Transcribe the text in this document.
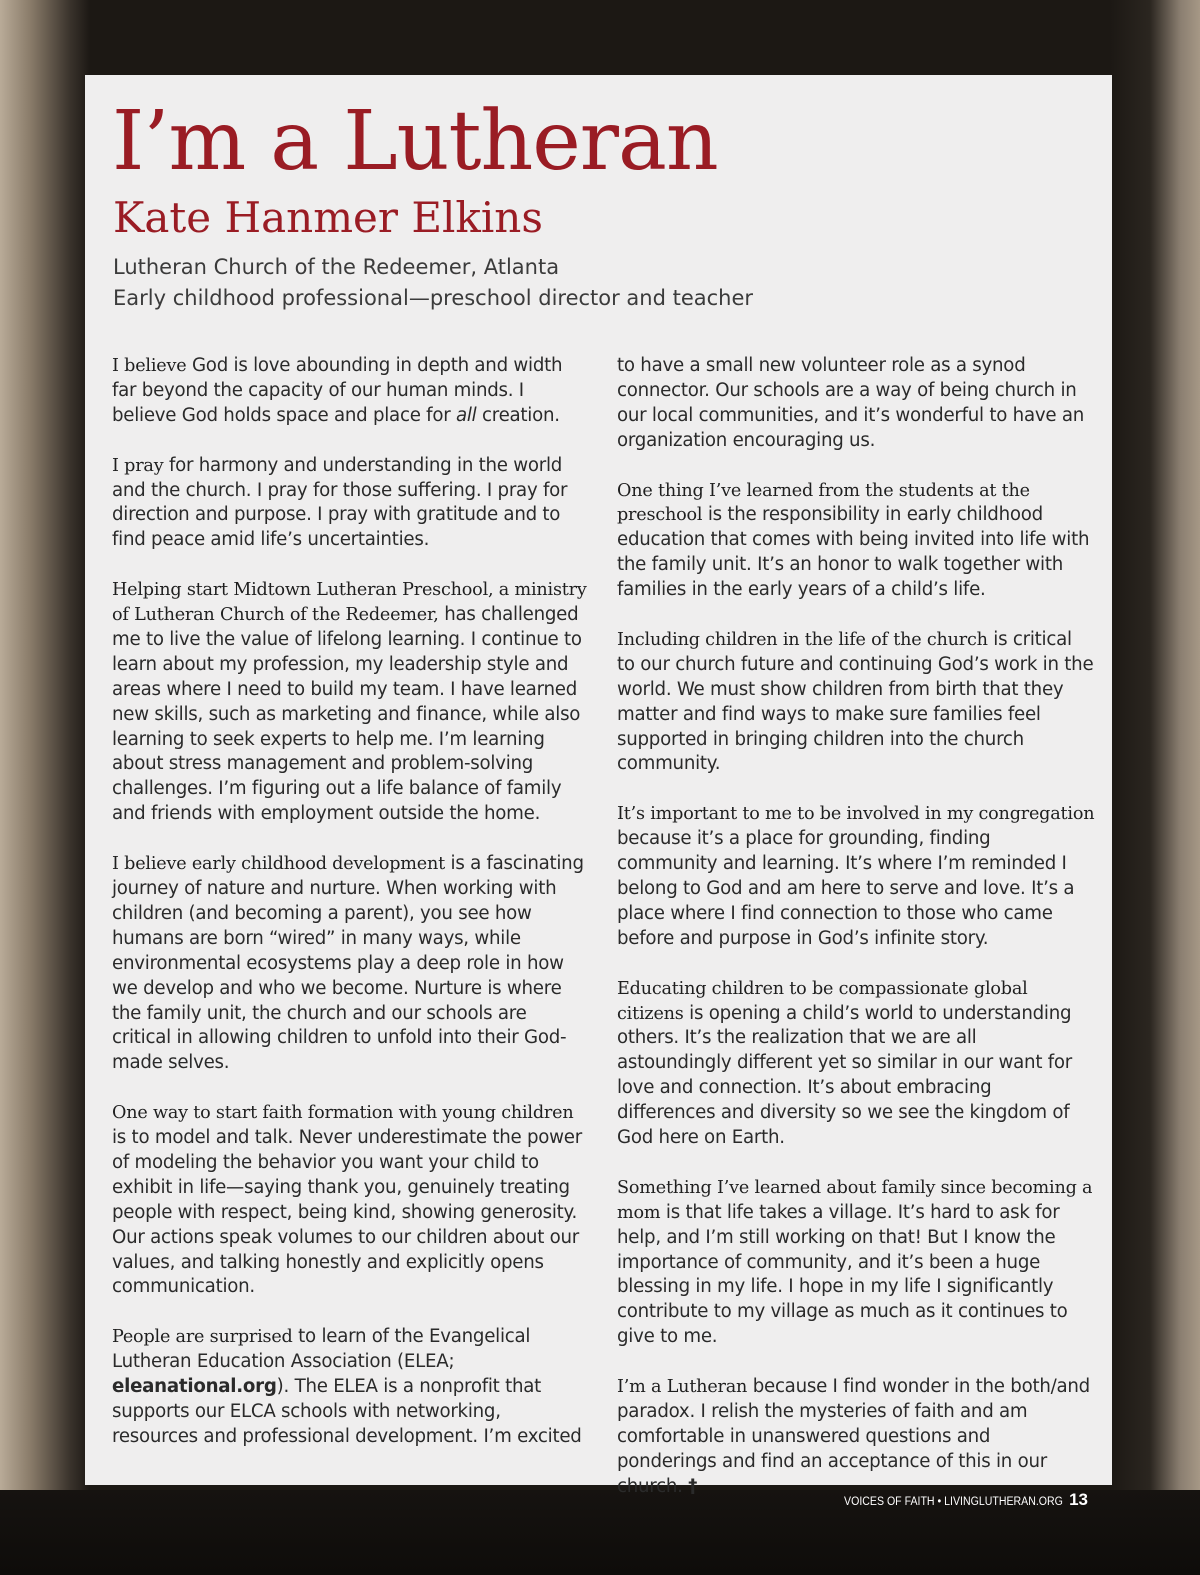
I’m a Lutheran
Kate Hanmer Elkins
Lutheran Church of the Redeemer, Atlanta
Early childhood professional—preschool director and teacher

I believe God is love abounding in depth and width far beyond the capacity of our human minds. I believe God holds space and place for all creation.

I pray for harmony and understanding in the world and the church. I pray for those suffering. I pray for direction and purpose. I pray with gratitude and to find peace amid life’s uncertainties.

Helping start Midtown Lutheran Preschool, a ministry of Lutheran Church of the Redeemer, has challenged me to live the value of lifelong learning. I continue to learn about my profession, my leadership style and areas where I need to build my team. I have learned new skills, such as marketing and finance, while also learning to seek experts to help me. I’m learning about stress management and problem-solving challenges. I’m figuring out a life balance of family and friends with employment outside the home.

I believe early childhood development is a fascinating journey of nature and nurture. When working with children (and becoming a parent), you see how humans are born “wired” in many ways, while environmental ecosystems play a deep role in how we develop and who we become. Nurture is where the family unit, the church and our schools are critical in allowing children to unfold into their God-made selves.

One way to start faith formation with young children is to model and talk. Never underestimate the power of modeling the behavior you want your child to exhibit in life—saying thank you, genuinely treating people with respect, being kind, showing generosity. Our actions speak volumes to our children about our values, and talking honestly and explicitly opens communication.

People are surprised to learn of the Evangelical Lutheran Education Association (ELEA; eleanational.org). The ELEA is a nonprofit that supports our ELCA schools with networking, resources and professional development. I’m excited

to have a small new volunteer role as a synod connector. Our schools are a way of being church in our local communities, and it’s wonderful to have an organization encouraging us.

One thing I’ve learned from the students at the preschool is the responsibility in early childhood education that comes with being invited into life with the family unit. It’s an honor to walk together with families in the early years of a child’s life.

Including children in the life of the church is critical to our church future and continuing God’s work in the world. We must show children from birth that they matter and find ways to make sure families feel supported in bringing children into the church community.

It’s important to me to be involved in my congregation because it’s a place for grounding, finding community and learning. It’s where I’m reminded I belong to God and am here to serve and love. It’s a place where I find connection to those who came before and purpose in God’s infinite story.

Educating children to be compassionate global citizens is opening a child’s world to understanding others. It’s the realization that we are all astoundingly different yet so similar in our want for love and connection. It’s about embracing differences and diversity so we see the kingdom of God here on Earth.

Something I’ve learned about family since becoming a mom is that life takes a village. It’s hard to ask for help, and I’m still working on that! But I know the importance of community, and it’s been a huge blessing in my life. I hope in my life I significantly contribute to my village as much as it continues to give to me.

I’m a Lutheran because I find wonder in the both/and paradox. I relish the mysteries of faith and am comfortable in unanswered questions and ponderings and find an acceptance of this in our church. †

VOICES OF FAITH • LIVINGLUTHERAN.ORG 13
